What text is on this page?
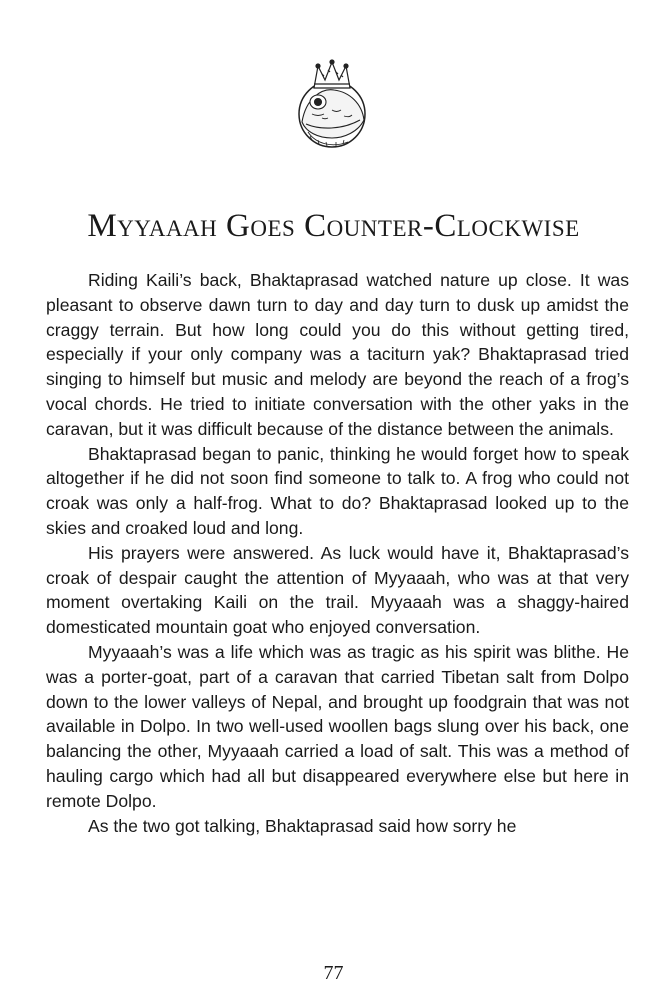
Myyaaah Goes Counter-Clockwise

Riding Kaili’s back, Bhaktaprasad watched nature up close. It was pleasant to observe dawn turn to day and day turn to dusk up amidst the craggy terrain. But how long could you do this without getting tired, especially if your only company was a taciturn yak? Bhaktaprasad tried singing to himself but music and melody are beyond the reach of a frog’s vocal chords. He tried to initiate conversation with the other yaks in the caravan, but it was difficult because of the distance between the animals.

Bhaktaprasad began to panic, thinking he would forget how to speak altogether if he did not soon find someone to talk to. A frog who could not croak was only a half-frog. What to do? Bhaktaprasad looked up to the skies and croaked loud and long.

His prayers were answered. As luck would have it, Bhaktaprasad’s croak of despair caught the attention of Myyaaah, who was at that very moment overtaking Kaili on the trail. Myyaaah was a shaggy-haired domesticated mountain goat who enjoyed conversation.

Myyaaah’s was a life which was as tragic as his spirit was blithe. He was a porter-goat, part of a caravan that carried Tibetan salt from Dolpo down to the lower valleys of Nepal, and brought up foodgrain that was not available in Dolpo. In two well-used woollen bags slung over his back, one balancing the other, Myyaaah carried a load of salt. This was a method of hauling cargo which had all but disappeared everywhere else but here in remote Dolpo.

As the two got talking, Bhaktaprasad said how sorry he

77
